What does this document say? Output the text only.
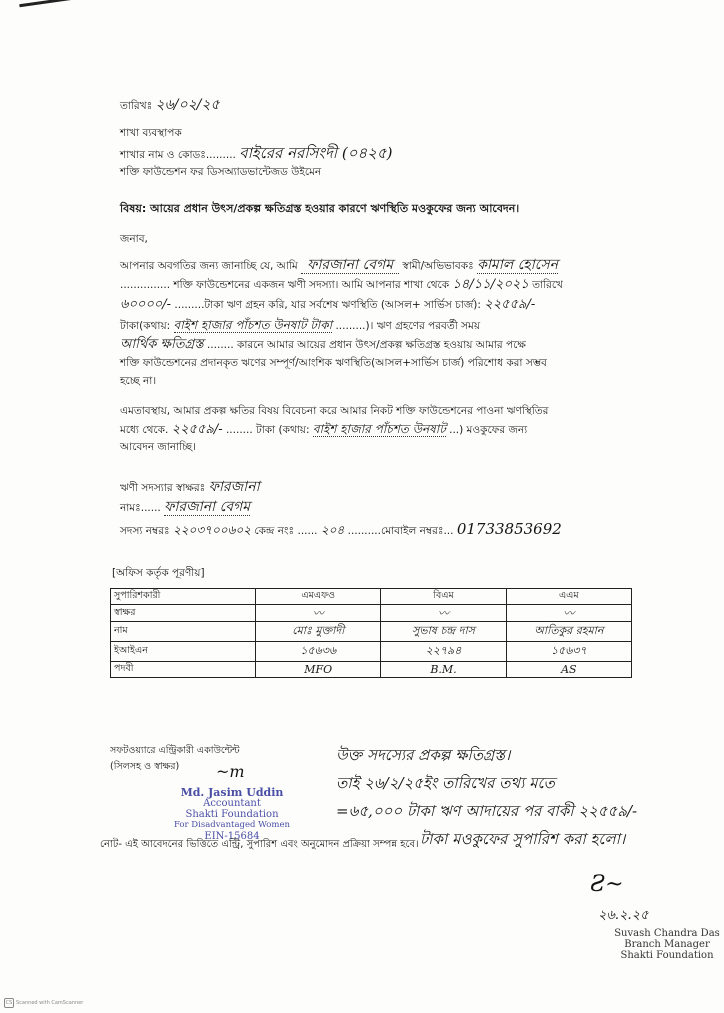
তারিখঃ ২৬/০২/২৫
শাখা ব্যবস্থাপক
শাখার নাম ও কোডঃ......... বাইরের নরসিংদী (০৪২৫)
শক্তি ফাউন্ডেশন ফর ডিসঅ্যাডভান্টেজড উইমেন
বিষয়: আয়ের প্রধান উৎস/প্রকল্প ক্ষতিগ্রস্ত হওয়ার কারণে ঋণস্থিতি মওকুফের জন্য আবেদন।
জনাব,
আপনার অবগতির জন্য জানাচ্ছি যে, আমি ফারজানা বেগম স্বামী/অভিভাবকঃ কামাল হোসেন
............... শক্তি ফাউন্ডেশনের একজন ঋণী সদস্যা। আমি আপনার শাখা থেকে ১৪/১১/২০২১ তারিখে
৬০০০০/- .........টাকা ঋণ গ্রহন করি, যার সর্বশেষ ঋণস্থিতি (আসল+ সার্ভিস চার্জ): ২২৫৫৯/-
টাকা(কথায়: বাইশ হাজার পাঁচশত উনষাট টাকা .........)। ঋণ গ্রহণের পরবর্তী সময়
আর্থিক ক্ষতিগ্রস্ত ........ কারনে আমার আয়ের প্রধান উৎস/প্রকল্প ক্ষতিগ্রস্ত হওয়ায় আমার পক্ষে
শক্তি ফাউন্ডেশনের প্রদানকৃত ঋণের সম্পূর্ণ/আংশিক ঋণস্থিতি(আসল+সার্ভিস চার্জ) পরিশোধ করা সম্ভব
হচ্ছে না।
এমতাবস্থায়, আমার প্রকল্প ক্ষতির বিষয় বিবেচনা করে আমার নিকট শক্তি ফাউন্ডেশনের পাওনা ঋণস্থিতির
মধ্যে থেকে. ২২৫৫৯/- ........ টাকা (কথায়: বাইশ হাজার পাঁচশত উনষাট ...) মওকুফের জন্য
আবেদন জানাচ্ছি।
ঋণী সদস্যার স্বাক্ষরঃ ফারজানা
নামঃ...... ফারজানা বেগম
সদস্য নম্বরঃ ২২০৩৭০০৬০২ কেন্দ্র নংঃ ...... ২০৪ ..........মোবাইল নম্বরঃ... 01733853692
[অফিস কর্তৃক পূরণীয়]
সুপারিশকারী	এমএফও	বিএম	এএম
স্বাক্ষর	〰	〰	〰
নাম	মোঃ মুক্তাদী	সুভাষ চন্দ্র দাস	আতিকুর রহমান
ইআইএন	১৫৬৩৬	২২৭৯৪	১৫৬৩৭
পদবী	MFO	B.M.	AS
সফটওয়্যারে এন্ট্রিকারী একাউন্টেন্ট
(সিলসহ ও স্বাক্ষর) ~m
Md. Jasim Uddin
Accountant
Shakti Foundation
For Disadvantaged Women
EIN-15684
উক্ত সদস্যের প্রকল্প ক্ষতিগ্রস্ত।
তাই ২৬/২/২৫ইং তারিখের তথ্য মতে
=৬৫,০০০ টাকা ঋণ আদায়ের পর বাকী ২২৫৫৯/-
টাকা মওকুফের সুপারিশ করা হলো।
নোট- এই আবেদনের ভিত্তিতে এন্ট্রি, সুপারিশ এবং অনুমোদন প্রক্রিয়া সম্পন্ন হবে।
Ƨ~
২৬.২.২৫
Suvash Chandra Das
Branch Manager
Shakti Foundation
CS Scanned with CamScanner
